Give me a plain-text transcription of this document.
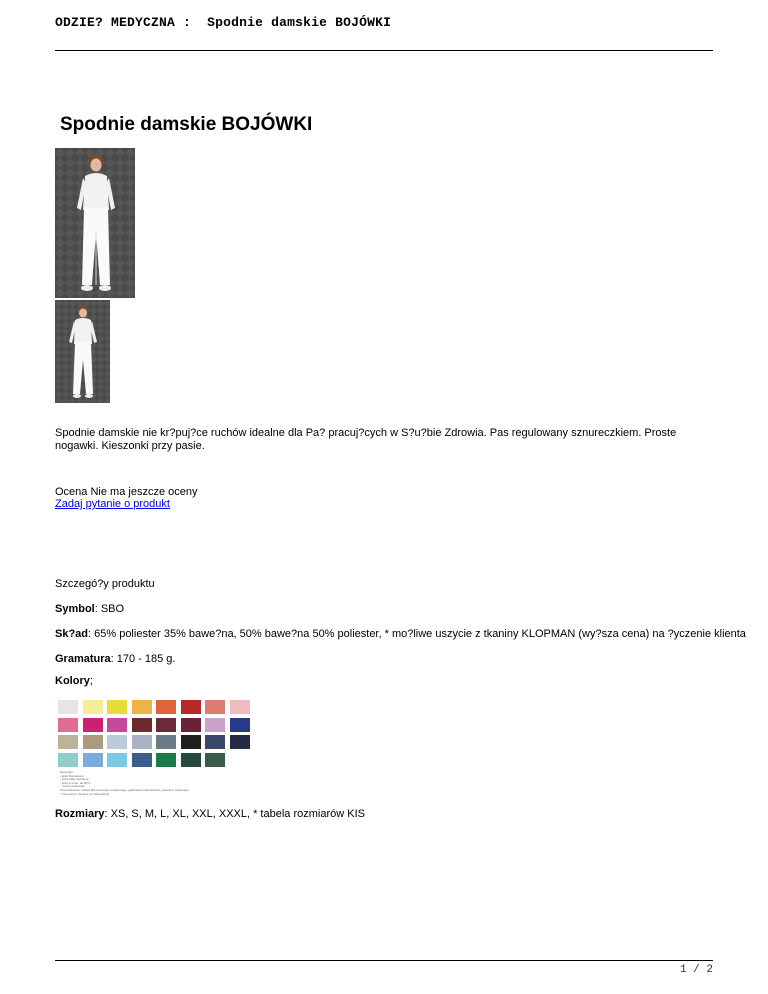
ODZIE? MEDYCZNA : Spodnie damskie BOJÓWKI
Spodnie damskie BOJÓWKI
Spodnie damskie nie kr?puj?ce ruchów idealne dla Pa? pracuj?cych w S?u?bie Zdrowia. Pas regulowany sznureczkiem. Proste nogawki. Kieszonki przy pasie.
Ocena Nie ma jeszcze oceny
Zadaj pytanie o produkt
Szczegó?y produktu
Symbol: SBO
Sk?ad: 65% poliester 35% bawe?na, 50% bawe?na 50% poliester, * mo?liwe uszycie z tkaniny KLOPMAN (wy?sza cena) na ?yczenie klienta
Gramatura: 170 - 185 g.
Kolory;
Naszywki:
- kolor fluorescent
- kolor biały na kolory
- prać w temp. do 60°C
- można prasować
Przeznaczenie: odzież dla personelu medycznego, gabinetów, laboratoriów, pracowni, fizjoterapii
* inne kolory i tkaniny na zamówienie
Rozmiary: XS, S, M, L, XL, XXL, XXXL, * tabela rozmiarów KIS
1 / 2
